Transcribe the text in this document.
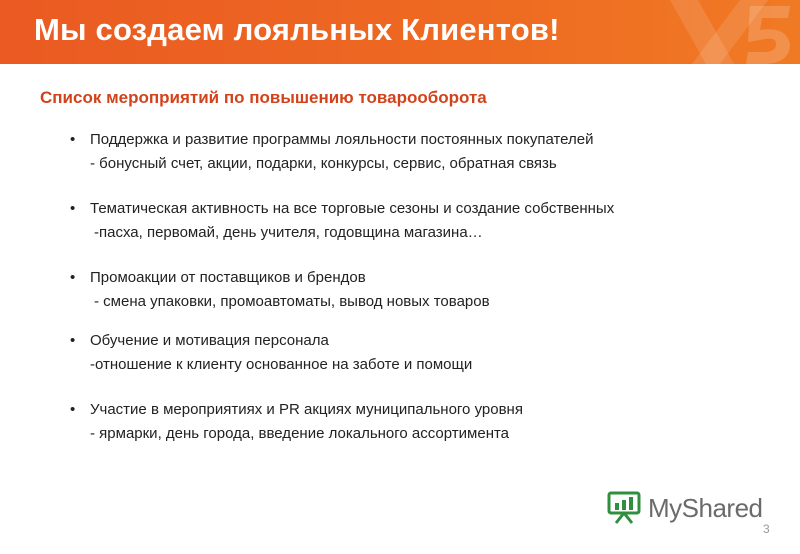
Мы создаем лояльных Клиентов!
Список мероприятий по повышению товарооборота
• Поддержка и развитие программы лояльности постоянных покупателей
- бонусный счет, акции, подарки, конкурсы, сервис, обратная связь
• Тематическая активность на все торговые сезоны и создание собственных
-пасха, первомай, день учителя, годовщина магазина…
• Промоакции от поставщиков и брендов
- смена упаковки, промоавтоматы, вывод новых товаров
• Обучение и мотивация персонала
-отношение к клиенту основанное на заботе и помощи
• Участие в мероприятиях и PR акциях муниципального уровня
- ярмарки, день города, введение локального ассортимента
MyShared
3
